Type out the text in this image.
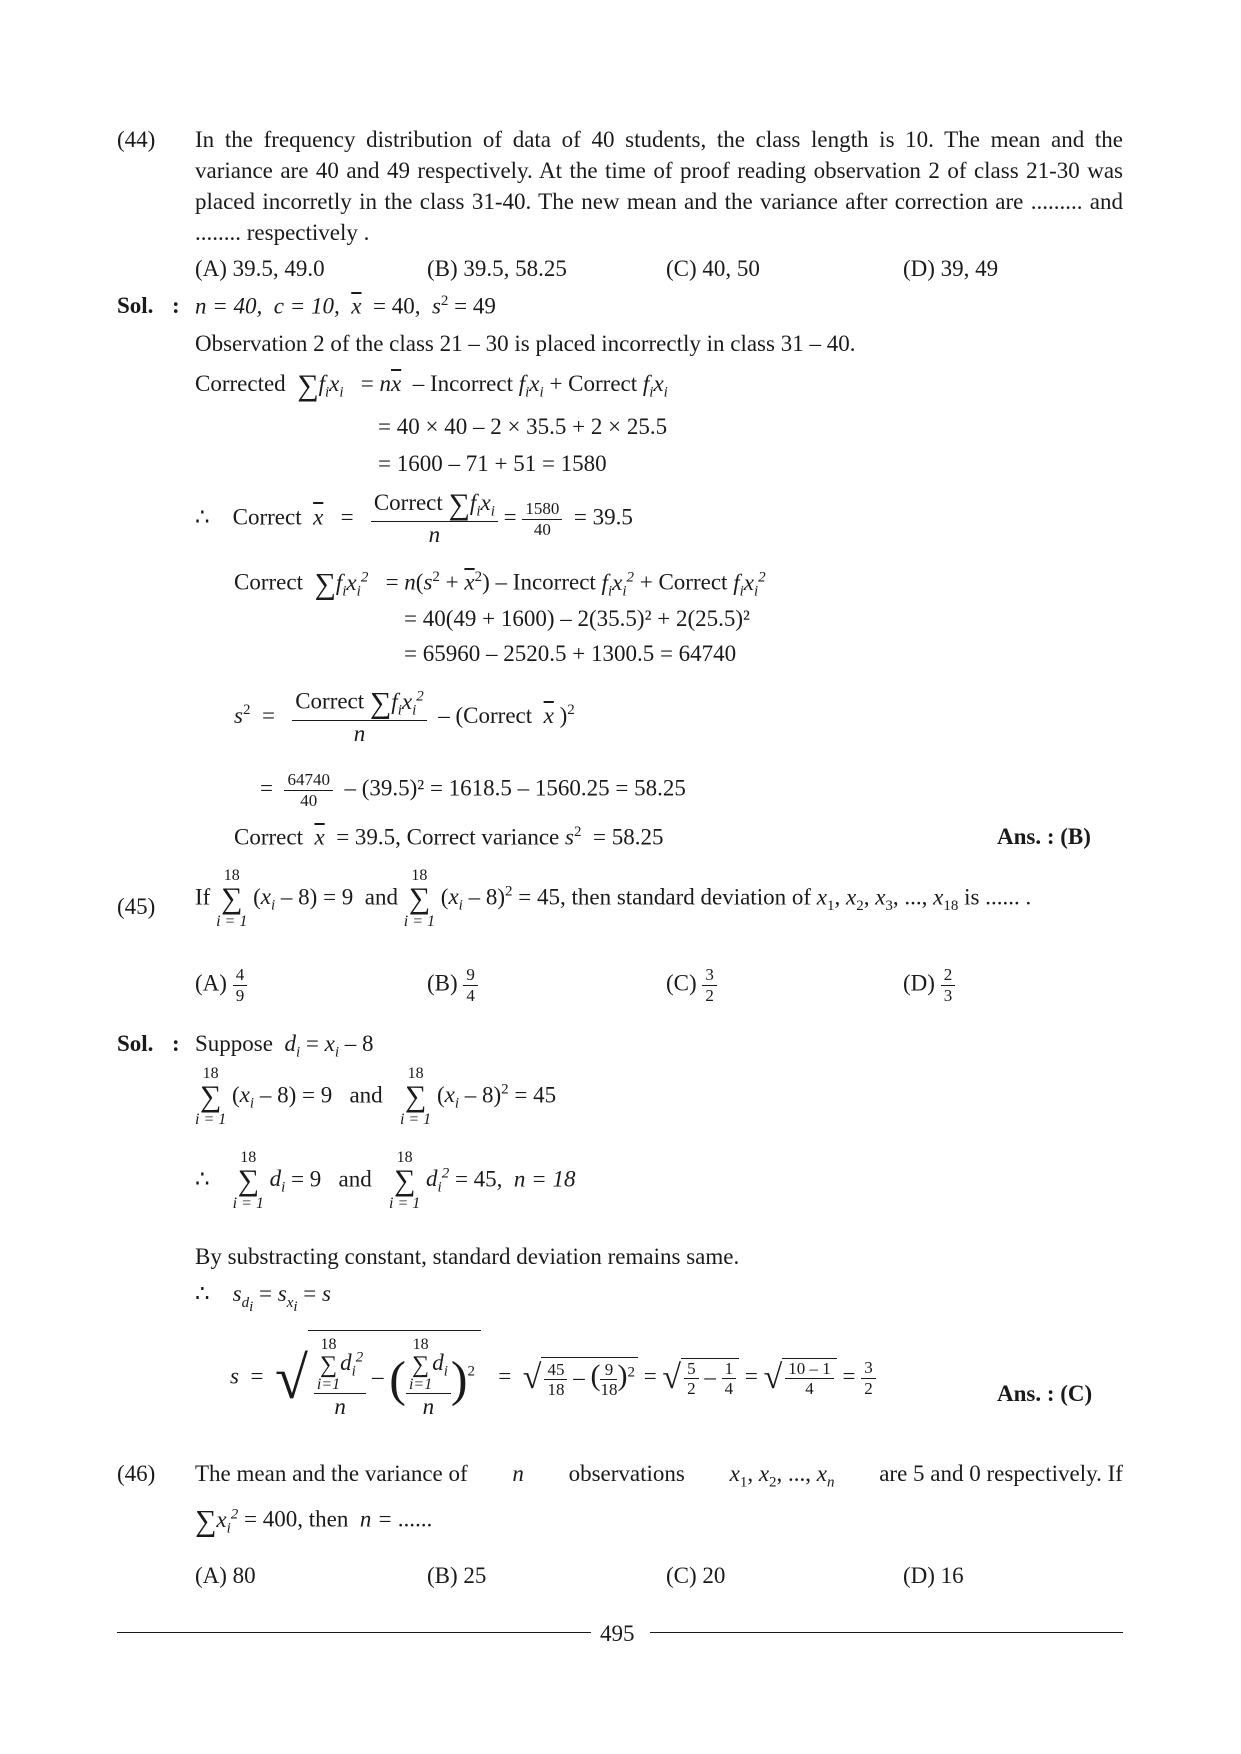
(44) In the frequency distribution of data of 40 students, the class length is 10. The mean and the variance are 40 and 49 respectively. At the time of proof reading observation 2 of class 21-30 was placed incorretly in the class 31-40. The new mean and the variance after correction are ......... and ........ respectively .
(A) 39.5, 49.0	(B) 39.5, 58.25	(C) 40, 50	(D) 39, 49
Sol. : n = 40, c = 10, $\overline{x} = 40$, $s^2 = 49$
Observation 2 of the class 21 – 30 is placed incorrectly in class 31 – 40.
Corrected $\sum f_ix_i = n\overline{x}$ – Incorrect $f_ix_i$ + Correct $f_ix_i$
= 40 × 40 – 2 × 35.5 + 2 × 25.5
= 1600 – 71 + 51 = 1580
∴ Correct $\overline{x} = \frac{Correct \sum f_ix_i}{n} = \frac{1580}{40} = 39.5$
Correct $\sum f_ix_i^2 = n(s^2 + \overline{x}^2)$ – Incorrect $f_ix_i^2$ + Correct $f_ix_i^2$
= 40(49 + 1600) – 2(35.5)² + 2(25.5)²
= 65960 – 2520.5 + 1300.5 = 64740
$s^2 = \frac{Correct \sum f_ix_i^2}{n}$ – (Correct $\overline{x}$ )$^2$
= $\frac{64740}{40} - (39.5)^2 = 1618.5 - 1560.25 = 58.25$
Correct $\overline{x} = 39.5$, Correct variance $s^2 = 58.25$	Ans. : (B)
(45) If
18
∑
i = 1
$(x_i - 8) = 9$ and
18
∑
i = 1
$(x_i - 8)^2 = 45$, then standard deviation of $x_1$, $x_2$, $x_3$, ..., $x_{18}$ is ...... .
$(A) \frac{4}{9}$	$(B) \frac{9}{4}$	$(C) \frac{3}{2}$	$(D) \frac{2}{3}$
Sol. : Suppose $d_i = x_i - 8$
18
∑
i = 1
$(x_i - 8) = 9$ and
18
∑
i = 1
$(x_i - 8)^2 = 45$
∴
18
∑
i = 1
$d_i = 9$ and
18
∑
i = 1
$d_i^2 = 45$,  n = 18
By substracting constant, standard deviation remains same.
∴    $s_{d_i} = s_{x_i} = s$
s  =  √ 18
∑
i=1
$d_i^2$
n – ( 18
∑
i=1
$d_i$
n )$^2$   =  √ $\frac{45}{18}$ – ( $\frac{9}{18} )^2$ = √ $\frac{5}{2} - \frac{1}{4}$ = √ $\frac{10 - 1}{4} = \frac{3}{2}$	Ans. : (C)
(46) The mean and the variance of n observations $x_1$, $x_2$, ..., $x_n$ are 5 and 0 respectively. If
$\sum x_i^2 = 400$, then n = ......
(A) 80	(B) 25	(C) 20	(D) 16
495
